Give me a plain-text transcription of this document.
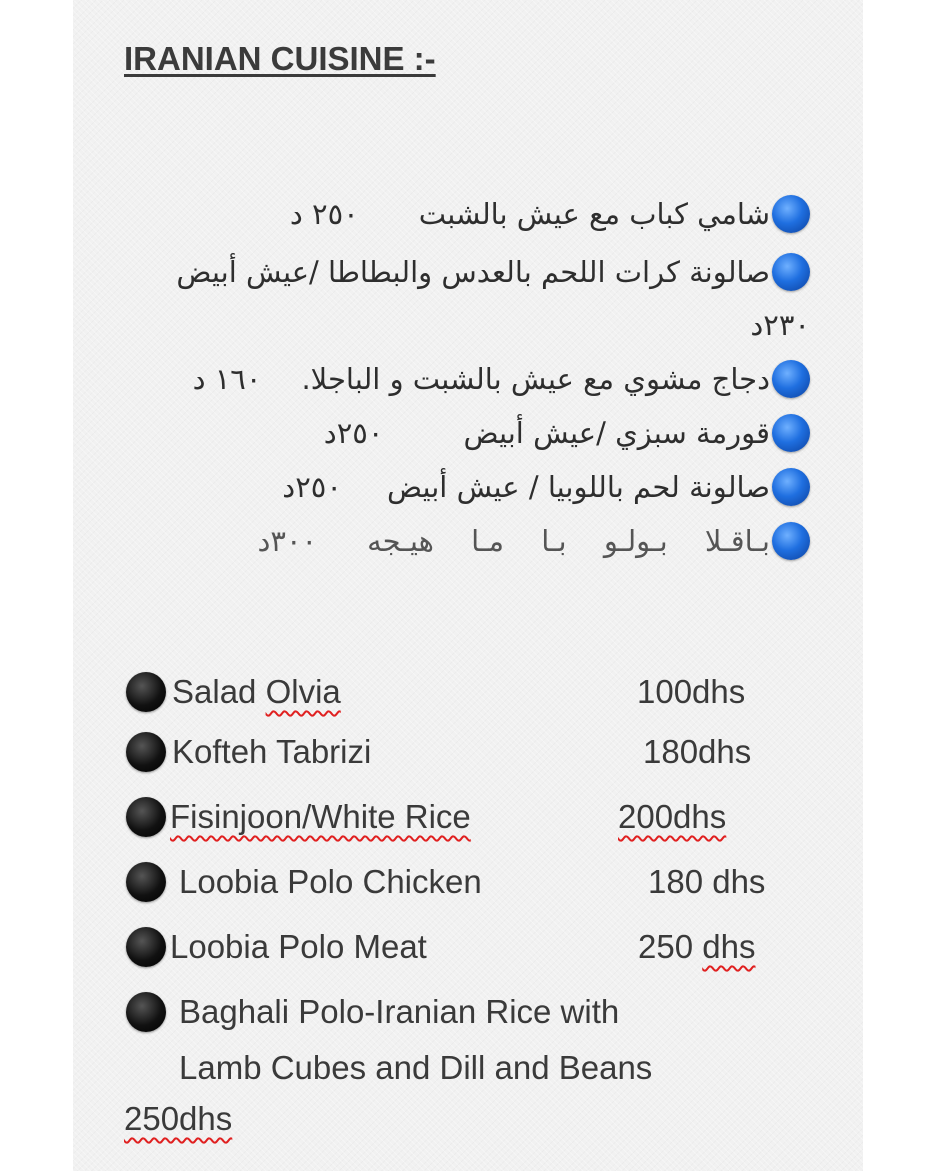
IRANIAN CUISINE :-
شامي كباب مع عيش بالشبت
٢٥٠ د
صالونة كرات اللحم بالعدس والبطاطا /عيش أبيض
٢٣٠د
دجاج مشوي مع عيش بالشبت و الباجلا.
١٦٠ د
قورمة سبزي /عيش أبيض
٢٥٠د
صالونة لحم باللوبيا / عيش أبيض
٢٥٠د
بـاقـلا بـولـو بـا مـا هيـجه
٣٠٠د
Salad Olvia	100dhs
Kofteh Tabrizi	180dhs
Fisinjoon/White Rice	200dhs
Loobia Polo Chicken	180 dhs
Loobia Polo Meat	250 dhs
Baghali Polo-Iranian Rice with
Lamb Cubes and Dill and Beans
250dhs
